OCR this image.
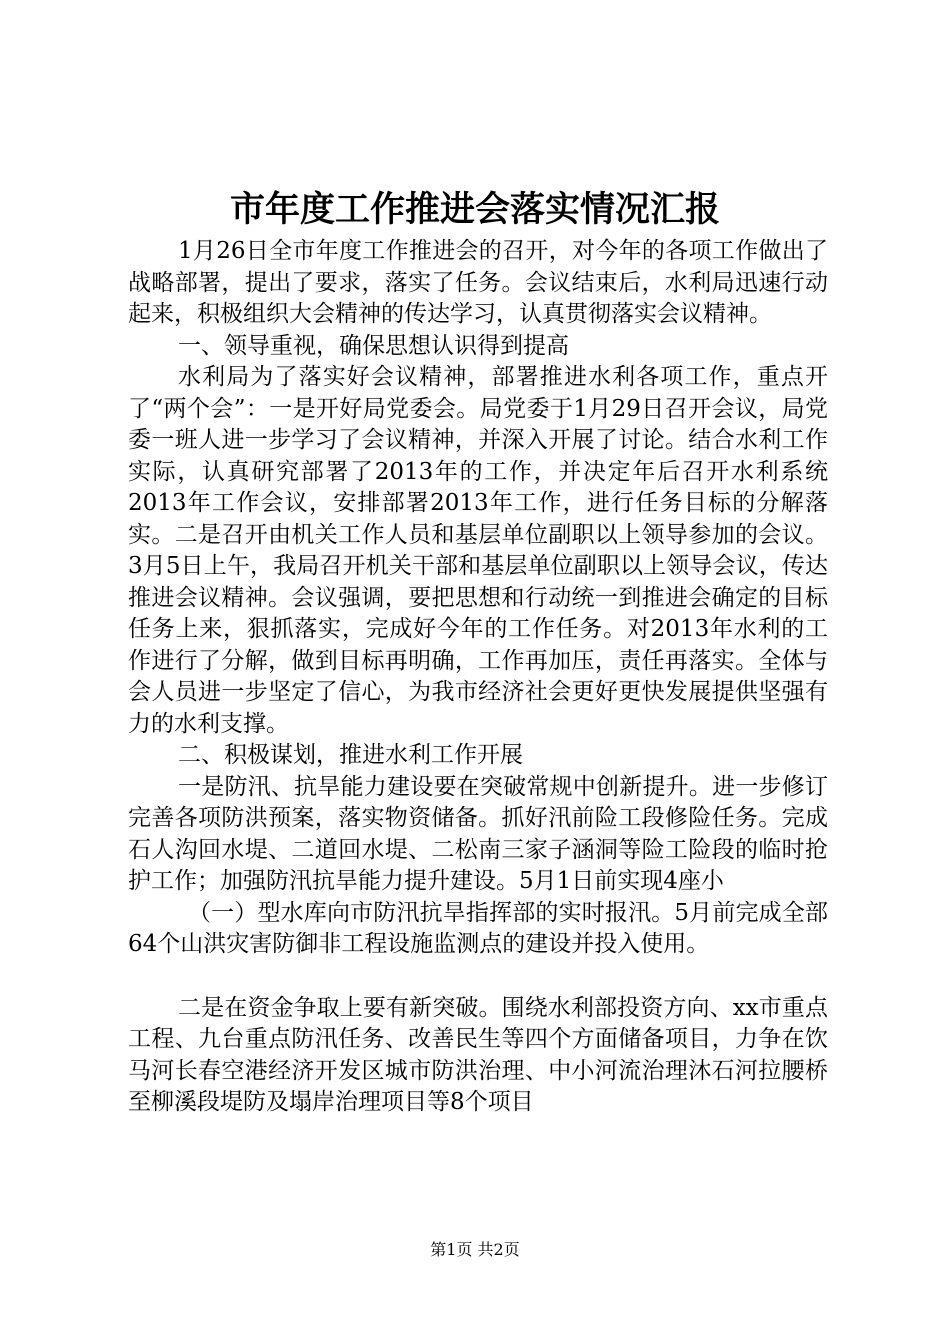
市年度工作推进会落实情况汇报

1月26日全市年度工作推进会的召开，对今年的各项工作做出了战略部署，提出了要求，落实了任务。会议结束后，水利局迅速行动起来，积极组织大会精神的传达学习，认真贯彻落实会议精神。

一、领导重视，确保思想认识得到提高

水利局为了落实好会议精神，部署推进水利各项工作，重点开了“两个会”：一是开好局党委会。局党委于1月29日召开会议，局党委一班人进一步学习了会议精神，并深入开展了讨论。结合水利工作实际，认真研究部署了2013年的工作，并决定年后召开水利系统2013年工作会议，安排部署2013年工作，进行任务目标的分解落实。二是召开由机关工作人员和基层单位副职以上领导参加的会议。3月5日上午，我局召开机关干部和基层单位副职以上领导会议，传达推进会议精神。会议强调，要把思想和行动统一到推进会确定的目标任务上来，狠抓落实，完成好今年的工作任务。对2013年水利的工作进行了分解，做到目标再明确，工作再加压，责任再落实。全体与会人员进一步坚定了信心，为我市经济社会更好更快发展提供坚强有力的水利支撑。

二、积极谋划，推进水利工作开展

一是防汛、抗旱能力建设要在突破常规中创新提升。进一步修订完善各项防洪预案，落实物资储备。抓好汛前险工段修险任务。完成石人沟回水堤、二道回水堤、二松南三家子涵洞等险工险段的临时抢护工作；加强防汛抗旱能力提升建设。5月1日前实现4座小

（一）型水库向市防汛抗旱指挥部的实时报汛。5月前完成全部64个山洪灾害防御非工程设施监测点的建设并投入使用。

二是在资金争取上要有新突破。围绕水利部投资方向、xx市重点工程、九台重点防汛任务、改善民生等四个方面储备项目，力争在饮马河长春空港经济开发区城市防洪治理、中小河流治理沐石河拉腰桥至柳溪段堤防及塌岸治理项目等8个项目

第1页 共2页
